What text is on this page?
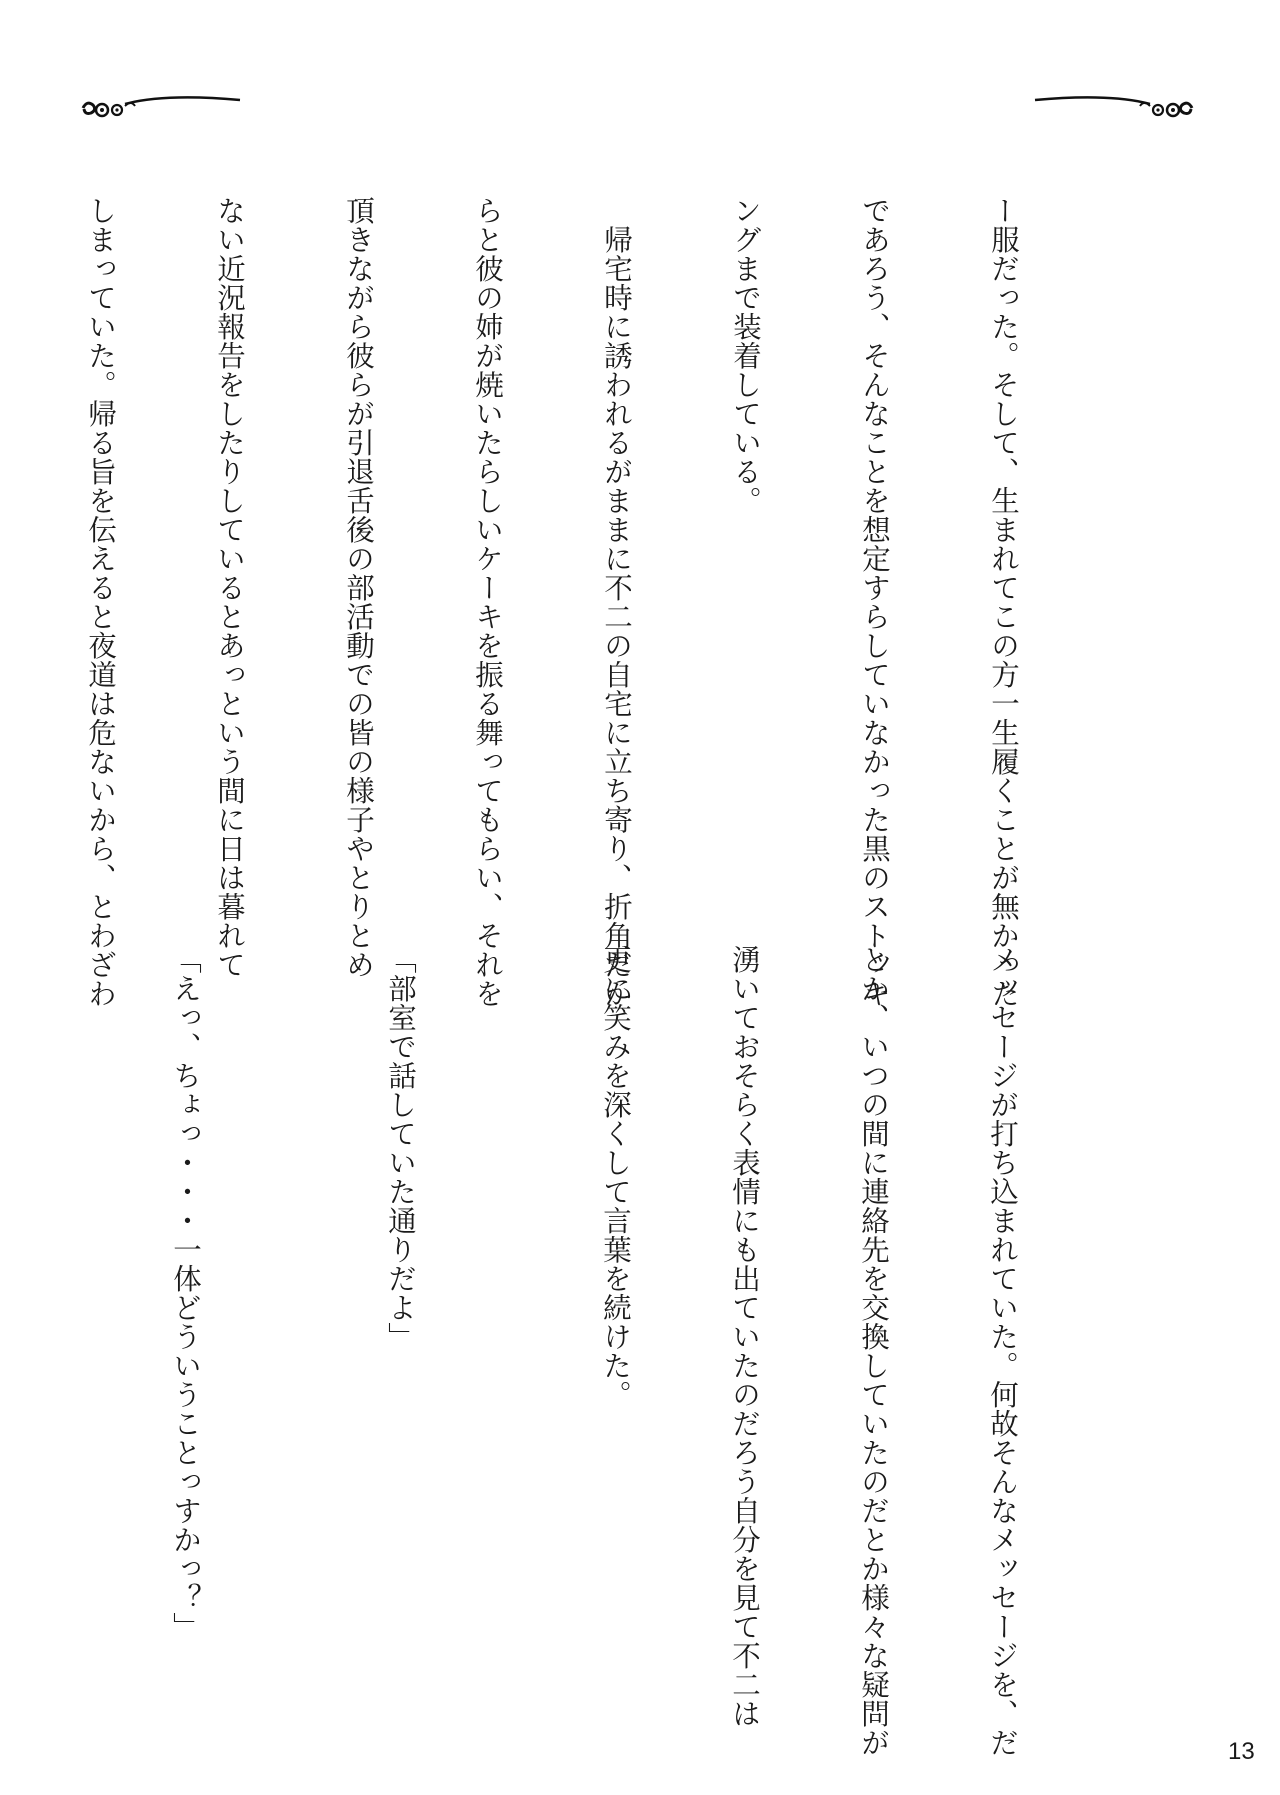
ー服だった。そして、生まれてこの方一生履くことが無かった

であろう、そんなことを想定すらしていなかった黒のストッキ

ングまで装着している。

　帰宅時に誘われるがままに不二の自宅に立ち寄り、折角だか

らと彼の姉が焼いたらしいケーキを振る舞ってもらい、それを

頂きながら彼らが引退舌後の部活動での皆の様子やとりとめ

ない近況報告をしたりしているとあっという間に日は暮れて

しまっていた。帰る旨を伝えると夜道は危ないから、とわざわ

メッセージが打ち込まれていた。何故そんなメッセージを、だ

とか、いつの間に連絡先を交換していたのだとか様々な疑問が

湧いておそらく表情にも出ていたのだろう自分を見て不二は

更に笑みを深くして言葉を続けた。

「部室で話していた通りだよ」

「えっ、ちょっ・・・一体どういうことっすかっ？」

13
